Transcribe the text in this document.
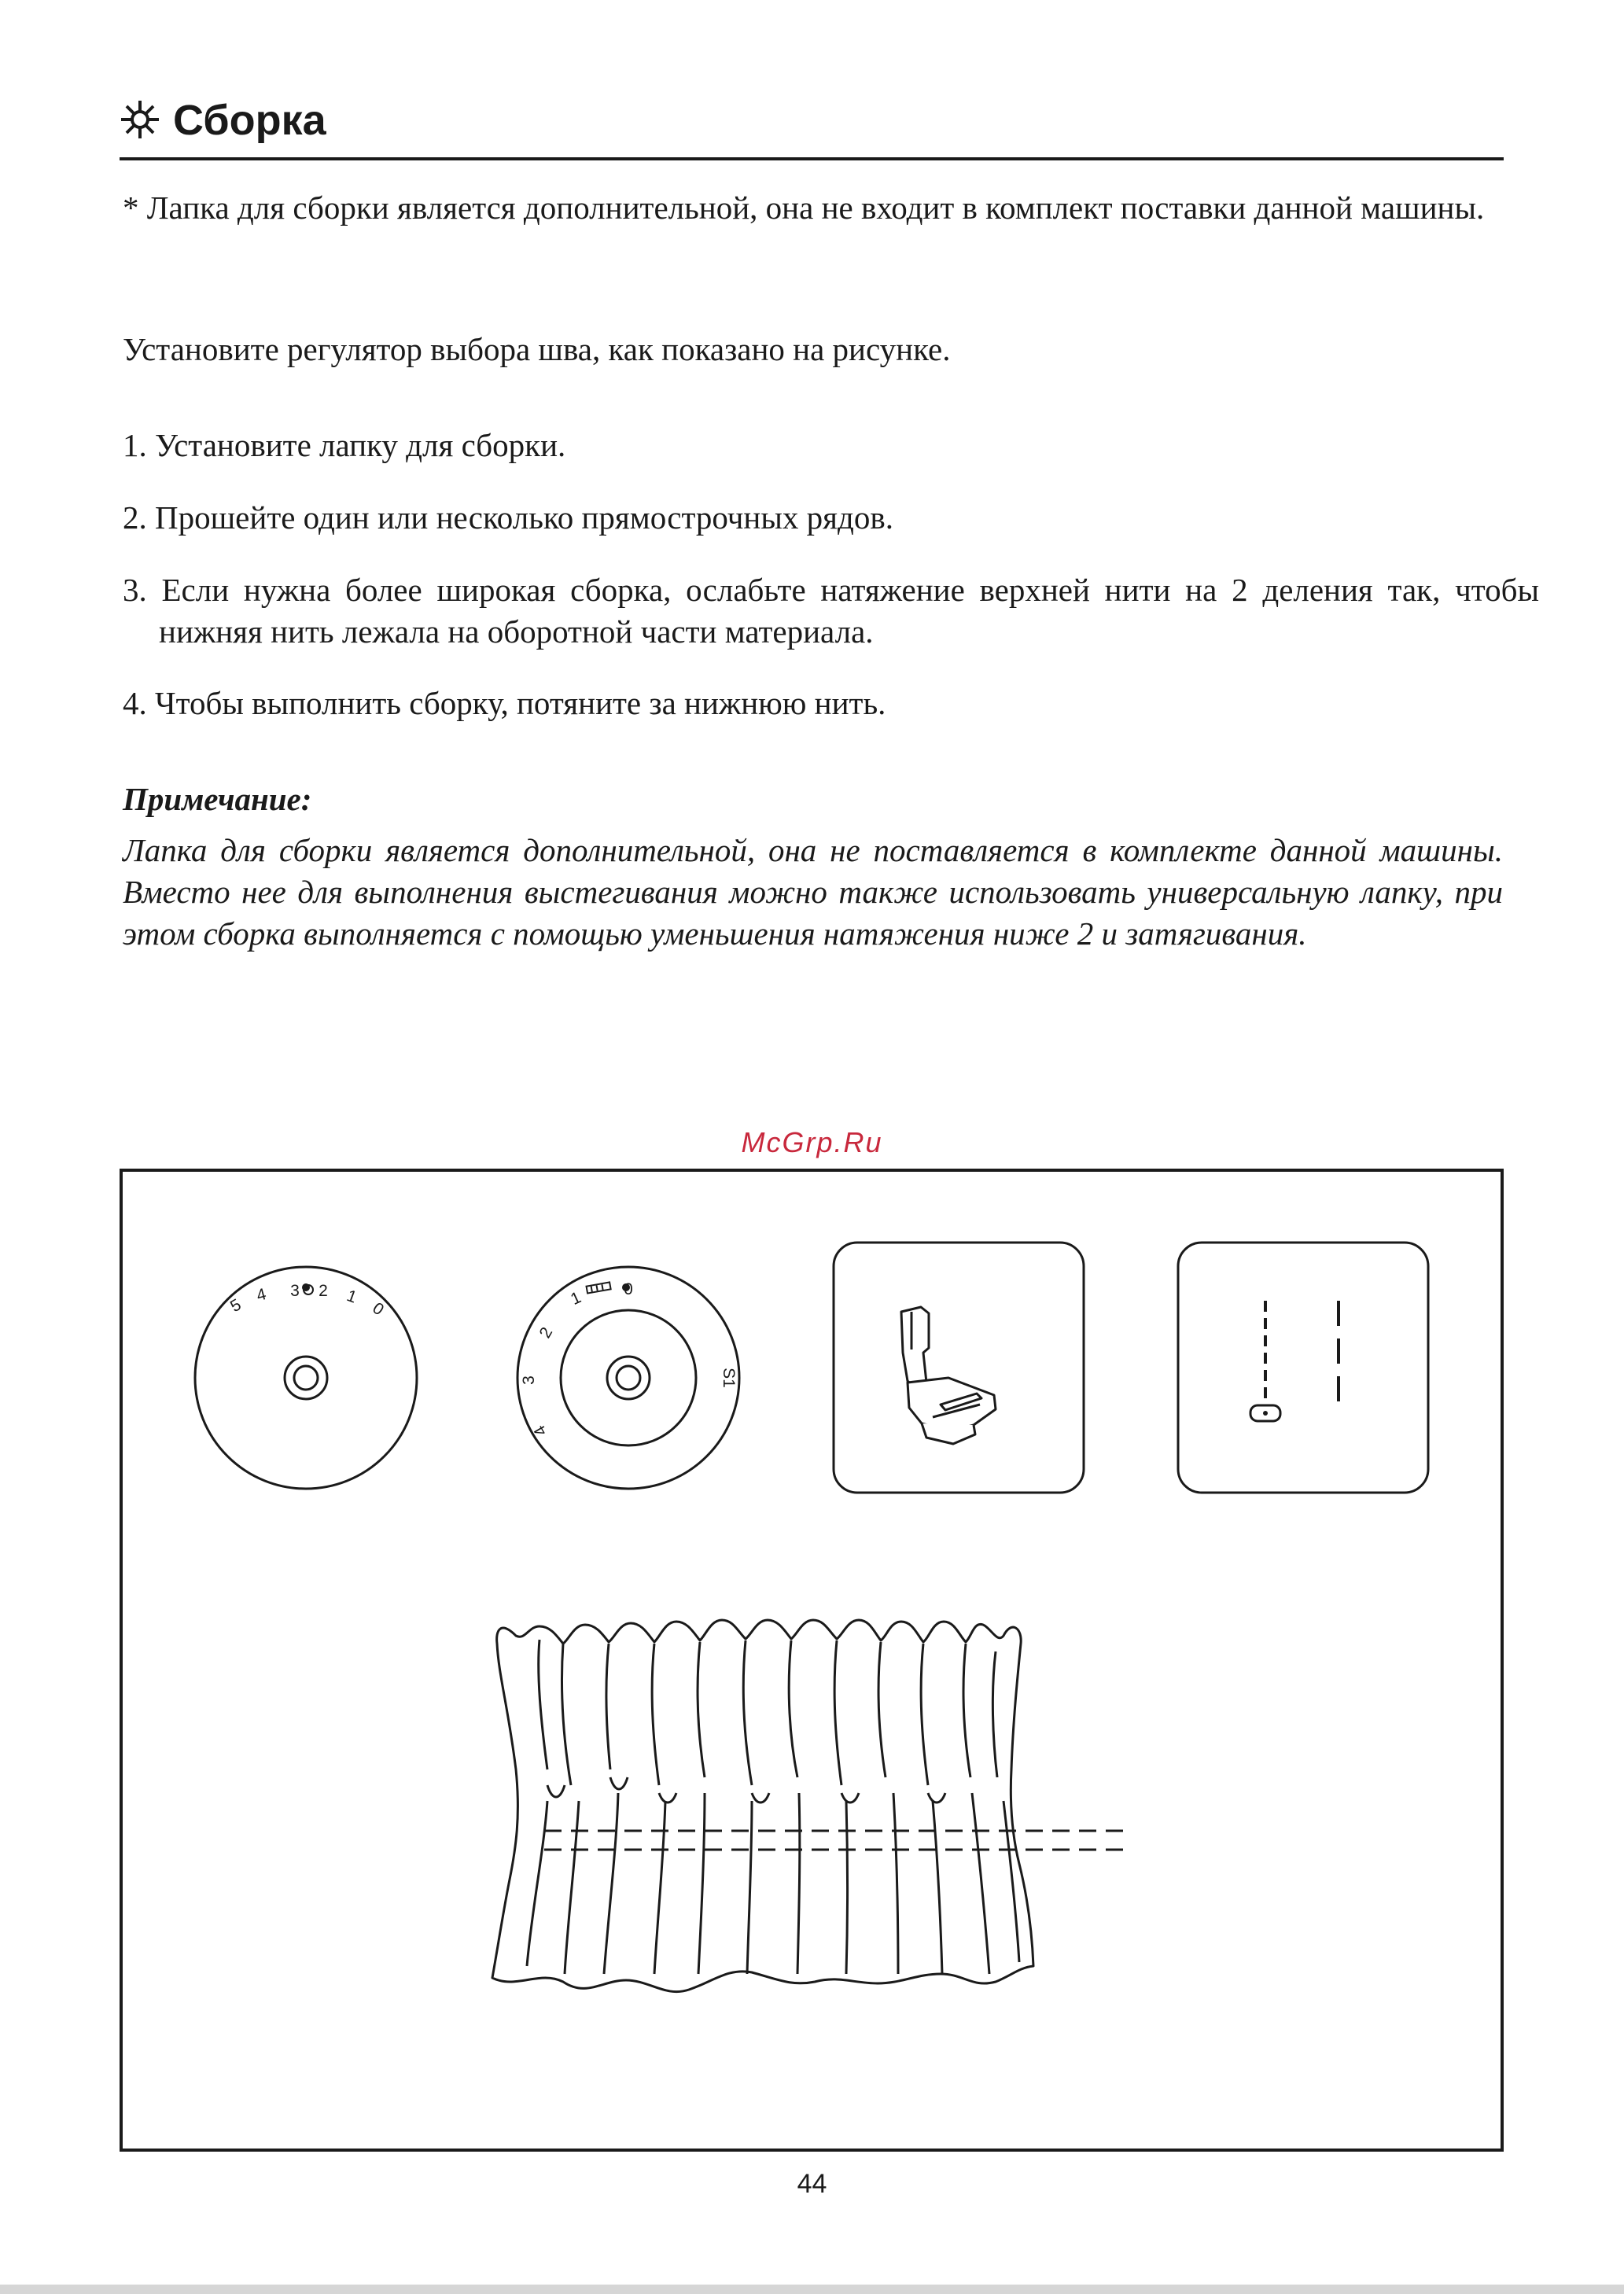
Сборка
* Лапка для сборки является дополнительной, она не входит в комплект поставки данной машины.
Установите регулятор выбора шва, как показано на рисунке.
1. Установите лапку для сборки.
2. Прошейте один или несколько прямострочных рядов.
3. Если нужна более широкая сборка, ослабьте натяжение верхней нити на 2 деления так, чтобы нижняя нить лежала на оборотной части материала.
4. Чтобы выполнить сборку, потяните за нижнюю нить.
Примечание:
Лапка для сборки является дополнительной, она не поставляется в комплекте данной машины. Вместо нее для выполнения выстегивания можно также использовать универсальную лапку, при этом сборка выполняется с помощью уменьшения натяжения ниже 2 и затягивания.
McGrp.Ru
5
4 3 2 1
0
1 0
2
3
4
S1
44
